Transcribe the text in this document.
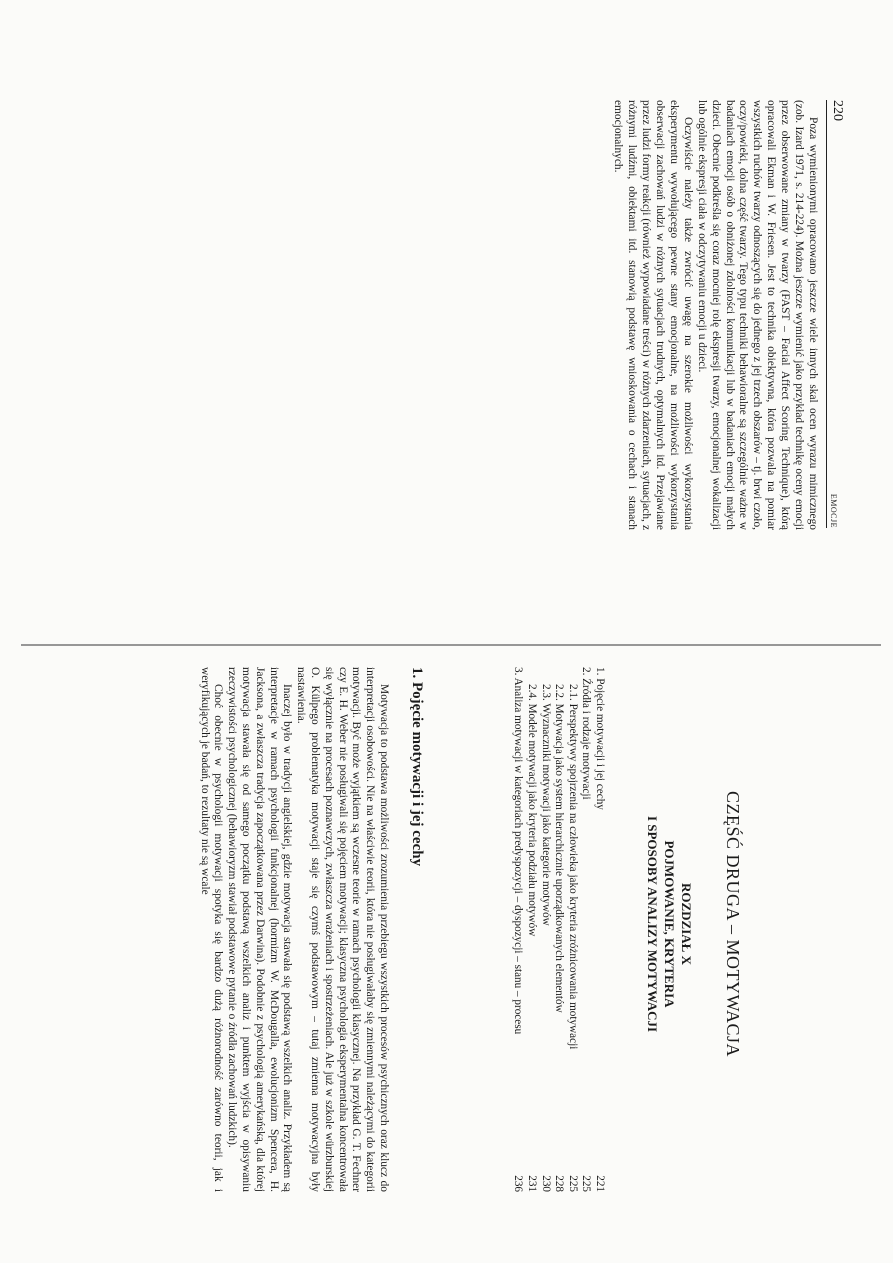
220
EMOCJE

Poza wymienionymi opracowano jeszcze wiele innych skal ocen wyrazu mimicznego (zob. Izard 1971, s. 214-224). Można jeszcze wymienić jako przykład technikę oceny emocji przez obserwowane zmiany w twarzy (FAST – Facial Affect Scoring Technique), którą opracowali Ekman i W. Friesen. Jest to technika obiektywna, która pozwala na pomiar wszystkich ruchów twarzy odnoszących się do jednego z jej trzech obszarów – tj. brwi czoło, oczy/powieki, dolna część twarzy. Tego typu techniki behawioralne są szczególnie ważne w badaniach emocji osób o obniżonej zdolności komunikacji lub w badaniach emocji małych dzieci. Obecnie podkreśla się coraz mocniej rolę ekspresji twarzy, emocjonalnej wokalizacji lub ogólnie ekspresji ciała w odczytywaniu emocji u dzieci.

Oczywiście należy także zwrócić uwagę na szerokie możliwości wykorzystania eksperymentu wywołującego pewne stany emocjonalne, na możliwości wykorzystania obserwacji zachowań ludzi w różnych sytuacjach trudnych, optymalnych itd. Przejawiane przez ludzi formy reakcji (również wypowiadane treści) w różnych zdarzeniach, sytuacjach, z różnymi ludźmi, obiektami itd. stanowią podstawę wnioskowania o cechach i stanach emocjonalnych.

CZĘŚĆ DRUGA – MOTYWACJA
ROZDZIAŁ X
POJMOWANIE, KRYTERIA
I SPOSOBY ANALIZY MOTYWACJI
1. Pojęcie motywacji i jej cechy
221
2. Źródła i rodzaje motywacji
225
2.1. Perspektywy spojrzenia na człowieka jako kryteria zróżnicowania motywacji
225
2.2. Motywacja jako system hierarchicznie uporządkowanych elementów
228
2.3. Wyznaczniki motywacji jako kategorie motywów
230
2.4. Modele motywacji jako kryteria podziału motywów
231
3. Analiza motywacji w kategoriach predyspozycji – dyspozycji – stanu – procesu
236
1. Pojęcie motywacji i jej cechy

Motywacja to podstawa możliwości zrozumienia przebiegu wszystkich procesów psychicznych oraz klucz do interpretacji osobowości. Nie na właściwie teorii, która nie posługiwałaby się zmiennymi należącymi do kategorii motywacji. Być może wyjątkiem są wczesne teorie w ramach psychologii klasycznej. Na przykład G. T. Fechner czy E. H. Weber nie posługiwali się pojęciem motywacji; klasyczna psychologia eksperymentalna koncentrowała się wyłącznie na procesach poznawczych, zwłaszcza wrażeniach i spostrzeżeniach. Ale już w szkole würzburskiej O. Külpego problematyka motywacji staje się czymś podstawowym – tutaj zmienna motywacyjna były nastawienia.

Inaczej było w tradycji angielskiej, gdzie motywacja stawała się podstawą wszelkich analiz. Przykładem są interpretacje w ramach psychologii funkcjonalnej (hormizm W. McDougalla, ewolucjonizm Spencera, H. Jacksona, a zwłaszcza tradycja zapoczątkowana przez Darwina). Podobnie z psychologią amerykańską, dla której motywacja stawała się od samego początku podstawą wszelkich analiz i punktem wyjścia w opisywaniu rzeczywistości psychologicznej (behawioryzm stawiał podstawowe pytanie o źródła zachowań ludzkich).

Choć obecnie w psychologii motywacji spotyka się bardzo dużą różnorodność zarówno teorii, jak i weryfikujących je badań, to rezultaty nie są wcale
